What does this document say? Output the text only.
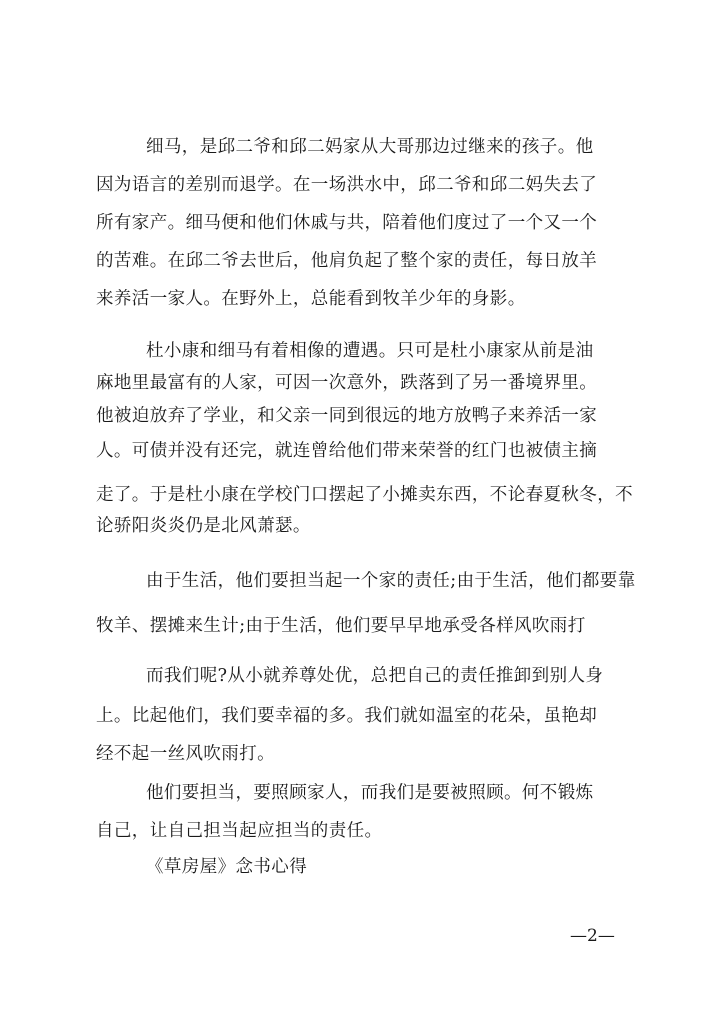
细马，是邱二爷和邱二妈家从大哥那边过继来的孩子。他
因为语言的差别而退学。在一场洪水中，邱二爷和邱二妈失去了
所有家产。细马便和他们休戚与共，陪着他们度过了一个又一个
的苦难。在邱二爷去世后，他肩负起了整个家的责任，每日放羊
来养活一家人。在野外上，总能看到牧羊少年的身影。
杜小康和细马有着相像的遭遇。只可是杜小康家从前是油
麻地里最富有的人家，可因一次意外，跌落到了另一番境界里。
他被迫放弃了学业，和父亲一同到很远的地方放鸭子来养活一家
人。可债并没有还完，就连曾给他们带来荣誉的红门也被债主摘
走了。于是杜小康在学校门口摆起了小摊卖东西，不论春夏秋冬，不
论骄阳炎炎仍是北风萧瑟。
由于生活，他们要担当起一个家的责任;由于生活，他们都要靠
牧羊、摆摊来生计;由于生活，他们要早早地承受各样风吹雨打
而我们呢?从小就养尊处优，总把自己的责任推卸到别人身
上。比起他们，我们要幸福的多。我们就如温室的花朵，虽艳却
经不起一丝风吹雨打。
他们要担当，要照顾家人，而我们是要被照顾。何不锻炼
自己，让自己担当起应担当的责任。
《草房屋》念书心得
—2—
